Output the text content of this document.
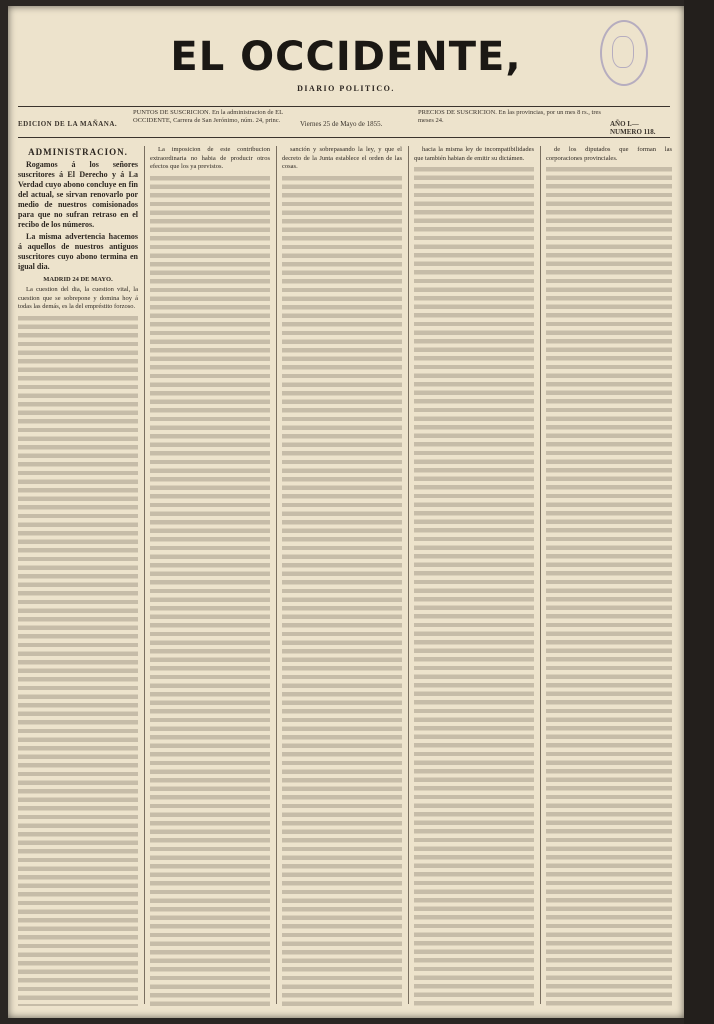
EL OCCIDENTE,
DIARIO POLITICO.
EDICION DE LA MAÑANA.
PUNTOS DE SUSCRICION. En la administracion de EL OCCIDENTE, Carrera de San Jerónimo, núm. 24, princ.	Viernes 25 de Mayo de 1855.
PRECIOS DE SUSCRICION. En las provincias, por un mes 8 rs., tres meses 24.	AÑO I.—NUMERO 118.

ADMINISTRACION.

Rogamos á los señores suscritores á El Derecho y á La Verdad cuyo abono concluye en fin del actual, se sirvan renovarlo por medio de nuestros comisionados para que no sufran retraso en el recibo de los números.

La misma advertencia hacemos á aquellos de nuestros antiguos suscritores cuyo abono termina en igual dia.

MADRID 24 DE MAYO.

La cuestion del dia, la cuestion vital, la cuestion que se sobrepone y domina hoy á todas las demás, es la del empréstito forzoso.

La imposicion de este contribucion extraordinaria no habia de producir otros efectos que los ya previstos.

sanción y sobrepasando la ley, y que el decreto de la Junta establece el orden de las cosas.

hacia la misma ley de incompatibilidades que también habian de emitir su dictámen.

de los diputados que forman las corporaciones provinciales.
